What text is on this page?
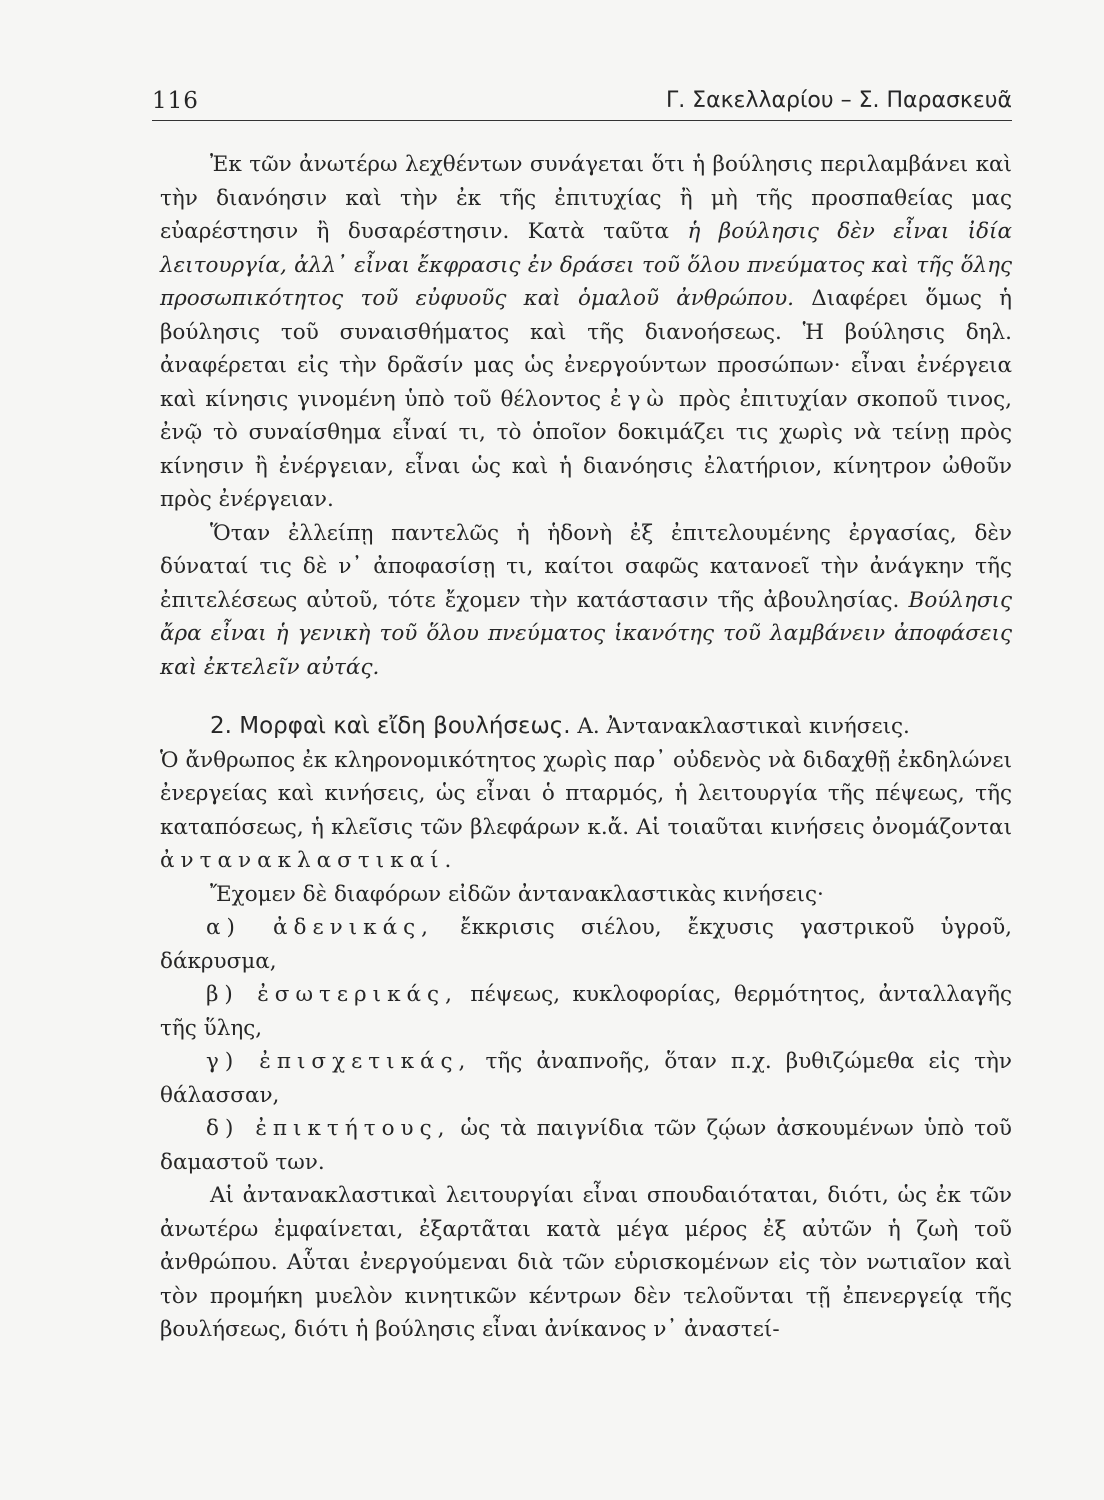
116	Γ. Σακελλαρίου – Σ. Παρασκευᾶ

Ἐκ τῶν ἀνωτέρω λεχθέντων συνάγεται ὅτι ἡ βούλησις περιλαμβάνει καὶ τὴν διανόησιν καὶ τὴν ἐκ τῆς ἐπιτυχίας ἢ μὴ τῆς προσπαθείας μας εὐαρέστησιν ἢ δυσαρέστησιν. Κατὰ ταῦτα ἡ βούλησις δὲν εἶναι ἰδία λειτουργία, ἀλλ᾽ εἶναι ἔκφρασις ἐν δράσει τοῦ ὅλου πνεύματος καὶ τῆς ὅλης προσωπικότητος τοῦ εὐφυοῦς καὶ ὁμαλοῦ ἀνθρώπου. Διαφέρει ὅμως ἡ βούλησις τοῦ συναισθήματος καὶ τῆς διανοήσεως. Ἡ βούλησις δηλ. ἀναφέρεται εἰς τὴν δρᾶσίν μας ὡς ἐνεργούντων προσώπων· εἶναι ἐνέργεια καὶ κίνησις γινομένη ὑπὸ τοῦ θέλοντος ἐγὼ πρὸς ἐπιτυχίαν σκοποῦ τινος, ἐνῷ τὸ συναίσθημα εἶναί τι, τὸ ὁποῖον δοκιμάζει τις χωρὶς νὰ τείνῃ πρὸς κίνησιν ἢ ἐνέργειαν, εἶναι ὡς καὶ ἡ διανόησις ἐλατήριον, κίνητρον ὠθοῦν πρὸς ἐνέργειαν.

Ὅταν ἐλλείπῃ παντελῶς ἡ ἡδονὴ ἐξ ἐπιτελουμένης ἐργασίας, δὲν δύναταί τις δὲ ν᾽ ἀποφασίσῃ τι, καίτοι σαφῶς κατανοεῖ τὴν ἀνάγκην τῆς ἐπιτελέσεως αὐτοῦ, τότε ἔχομεν τὴν κατάστασιν τῆς ἀβουλησίας. Βούλησις ἄρα εἶναι ἡ γενικὴ τοῦ ὅλου πνεύματος ἱκανότης τοῦ λαμβάνειν ἀποφάσεις καὶ ἐκτελεῖν αὐτάς.

2. Μορφαὶ καὶ εἴδη βουλήσεως. Α. Ἀντανακλαστικαὶ κινήσεις.

Ὁ ἄνθρωπος ἐκ κληρονομικότητος χωρὶς παρ᾽ οὐδενὸς νὰ διδαχθῇ ἐκδηλώνει ἐνεργείας καὶ κινήσεις, ὡς εἶναι ὁ πταρμός, ἡ λειτουργία τῆς πέψεως, τῆς καταπόσεως, ἡ κλεῖσις τῶν βλεφάρων κ.ἄ. Αἱ τοιαῦται κινήσεις ὀνομάζονται ἀντανακλαστικαί.

Ἔχομεν δὲ διαφόρων εἰδῶν ἀντανακλαστικὰς κινήσεις·

α) ἀδενικάς, ἔκκρισις σιέλου, ἔκχυσις γαστρικοῦ ὑγροῦ, δάκρυσμα,

β) ἐσωτερικάς, πέψεως, κυκλοφορίας, θερμότητος, ἀνταλλαγῆς τῆς ὕλης,

γ) ἐπισχετικάς, τῆς ἀναπνοῆς, ὅταν π.χ. βυθιζώμεθα εἰς τὴν θάλασσαν,

δ) ἐπικτήτους, ὡς τὰ παιγνίδια τῶν ζῴων ἀσκουμένων ὑπὸ τοῦ δαμαστοῦ των.

Αἱ ἀντανακλαστικαὶ λειτουργίαι εἶναι σπουδαιόταται, διότι, ὡς ἐκ τῶν ἀνωτέρω ἐμφαίνεται, ἐξαρτᾶται κατὰ μέγα μέρος ἐξ αὐτῶν ἡ ζωὴ τοῦ ἀνθρώπου. Αὗται ἐνεργούμεναι διὰ τῶν εὑρισκομένων εἰς τὸν νωτιαῖον καὶ τὸν προμήκη μυελὸν κινητικῶν κέντρων δὲν τελοῦνται τῇ ἐπενεργείᾳ τῆς βουλήσεως, διότι ἡ βούλησις εἶναι ἀνίκανος ν᾽ ἀναστεί-
